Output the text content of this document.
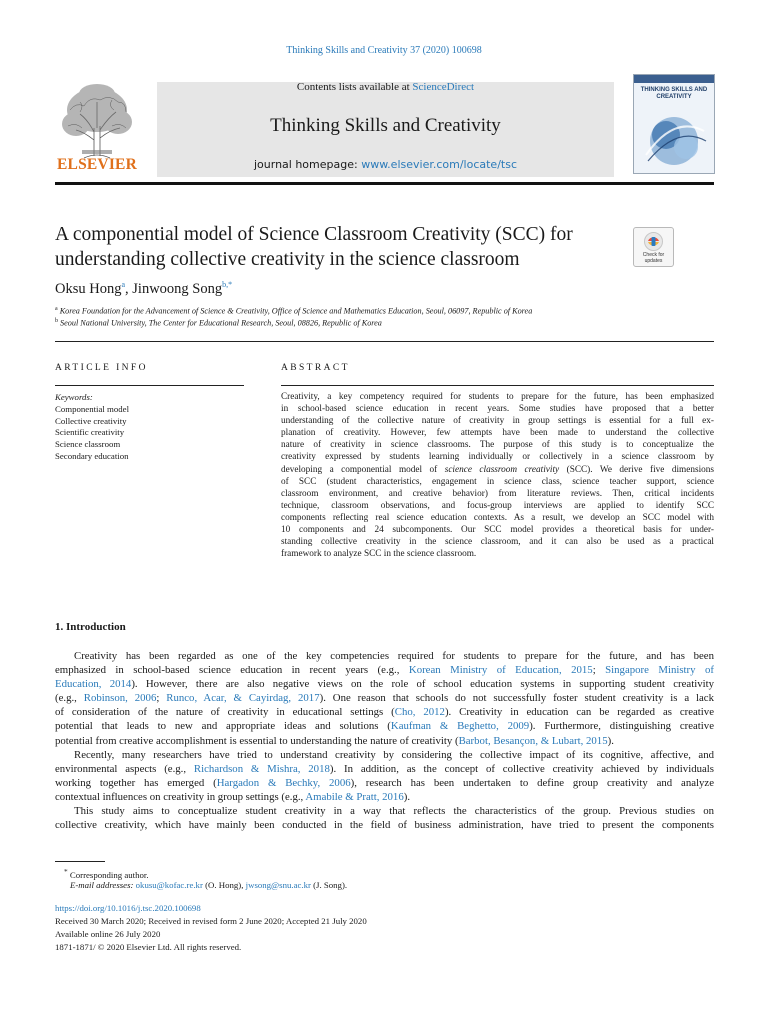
Thinking Skills and Creativity 37 (2020) 100698
ELSEVIER
Contents lists available at ScienceDirect
Thinking Skills and Creativity
journal homepage: www.elsevier.com/locate/tsc
THINKING SKILLS AND CREATIVITY
A componential model of Science Classroom Creativity (SCC) for
understanding collective creativity in the science classroom	Check for updates
Oksu Hong$^a$, Jinwoong Song$^{b,*}$
$^a$ Korea Foundation for the Advancement of Science & Creativity, Office of Science and Mathematics Education, Seoul, 06097, Republic of Korea
$^b$ Seoul National University, The Center for Educational Research, Seoul, 08826, Republic of Korea
ARTICLE INFO	ABSTRACT
Keywords:
Componential model
Collective creativity
Scientific creativity
Science classroom
Secondary education
Creativity, a key competency required for students to prepare for the future, has been emphasized
in school-based science education in recent years. Some studies have proposed that a better
understanding of the collective nature of creativity in group settings is essential for a full ex-
planation of creativity. However, few attempts have been made to understand the collective
nature of creativity in science classrooms. The purpose of this study is to conceptualize the
creativity expressed by students learning individually or collectively in a science classroom by
developing a componential model of science classroom creativity (SCC). We derive five dimensions
of SCC (student characteristics, engagement in science class, science teacher support, science
classroom environment, and creative behavior) from literature reviews. Then, critical incidents
technique, classroom observations, and focus-group interviews are applied to identify SCC
components reflecting real science education contexts. As a result, we develop an SCC model with
10 components and 24 subcomponents. Our SCC model provides a theoretical basis for under-
standing collective creativity in the science classroom, and it can also be used as a practical
framework to analyze SCC in the science classroom.
1. Introduction
Creativity has been regarded as one of the key competencies required for students to prepare for the future, and has been
emphasized in school-based science education in recent years (e.g., Korean Ministry of Education, 2015; Singapore Ministry of
Education, 2014). However, there are also negative views on the role of school education systems in supporting student creativity
(e.g., Robinson, 2006; Runco, Acar, & Cayirdag, 2017). One reason that schools do not successfully foster student creativity is a lack
of consideration of the nature of creativity in educational settings (Cho, 2012). Creativity in education can be regarded as creative
potential that leads to new and appropriate ideas and solutions (Kaufman & Beghetto, 2009). Furthermore, distinguishing creative
potential from creative accomplishment is essential to understanding the nature of creativity (Barbot, Besançon, & Lubart, 2015).
Recently, many researchers have tried to understand creativity by considering the collective impact of its cognitive, affective, and
environmental aspects (e.g., Richardson & Mishra, 2018). In addition, as the concept of collective creativity achieved by individuals
working together has emerged (Hargadon & Bechky, 2006), research has been undertaken to define group creativity and analyze
contextual influences on creativity in group settings (e.g., Amabile & Pratt, 2016).
This study aims to conceptualize student creativity in a way that reflects the characteristics of the group. Previous studies on
collective creativity, which have mainly been conducted in the field of business administration, have tried to present the components
* Corresponding author.
E-mail addresses: okusu@kofac.re.kr (O. Hong), jwsong@snu.ac.kr (J. Song).
https://doi.org/10.1016/j.tsc.2020.100698
Received 30 March 2020; Received in revised form 2 June 2020; Accepted 21 July 2020
Available online 26 July 2020
1871-1871/ © 2020 Elsevier Ltd. All rights reserved.
